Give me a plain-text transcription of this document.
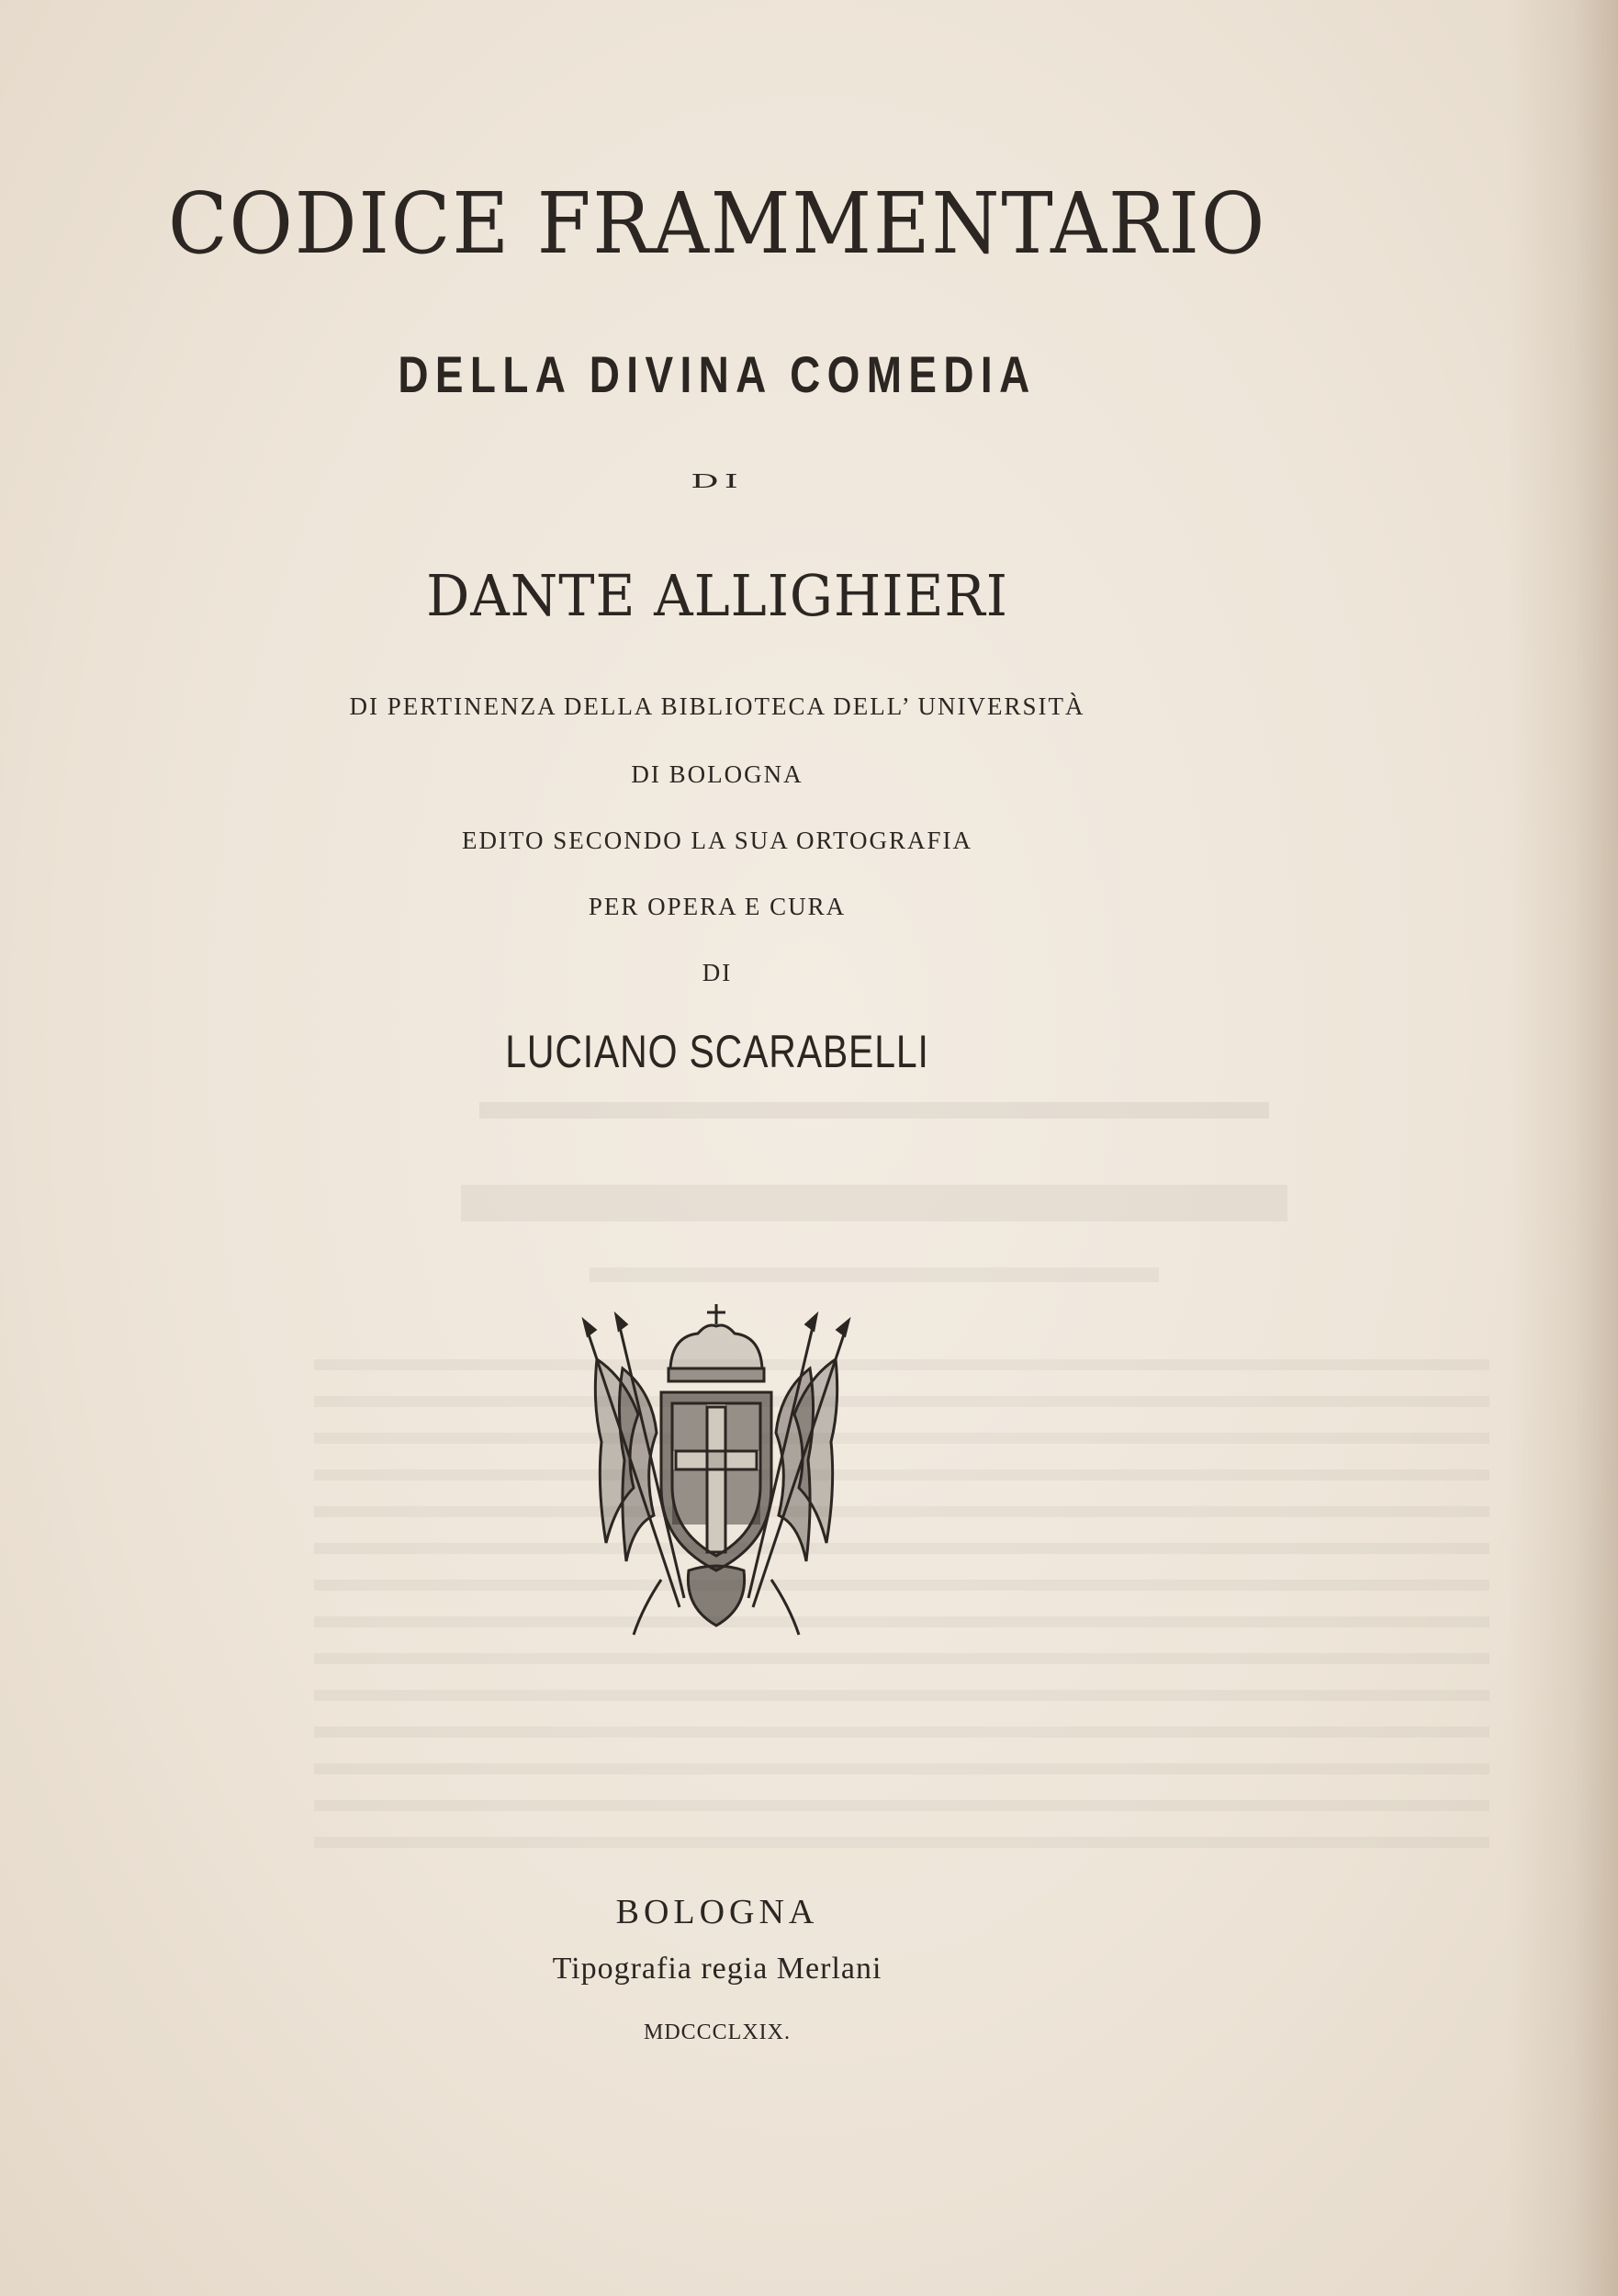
CODICE FRAMMENTARIO
DELLA DIVINA COMEDIA
DI
DANTE ALLIGHIERI
DI PERTINENZA DELLA BIBLIOTECA DELL’ UNIVERSITÀ
DI BOLOGNA
EDITO SECONDO LA SUA ORTOGRAFIA
PER OPERA E CURA
DI
LUCIANO SCARABELLI
BOLOGNA
Tipografia regia Merlani
MDCCCLXIX.
